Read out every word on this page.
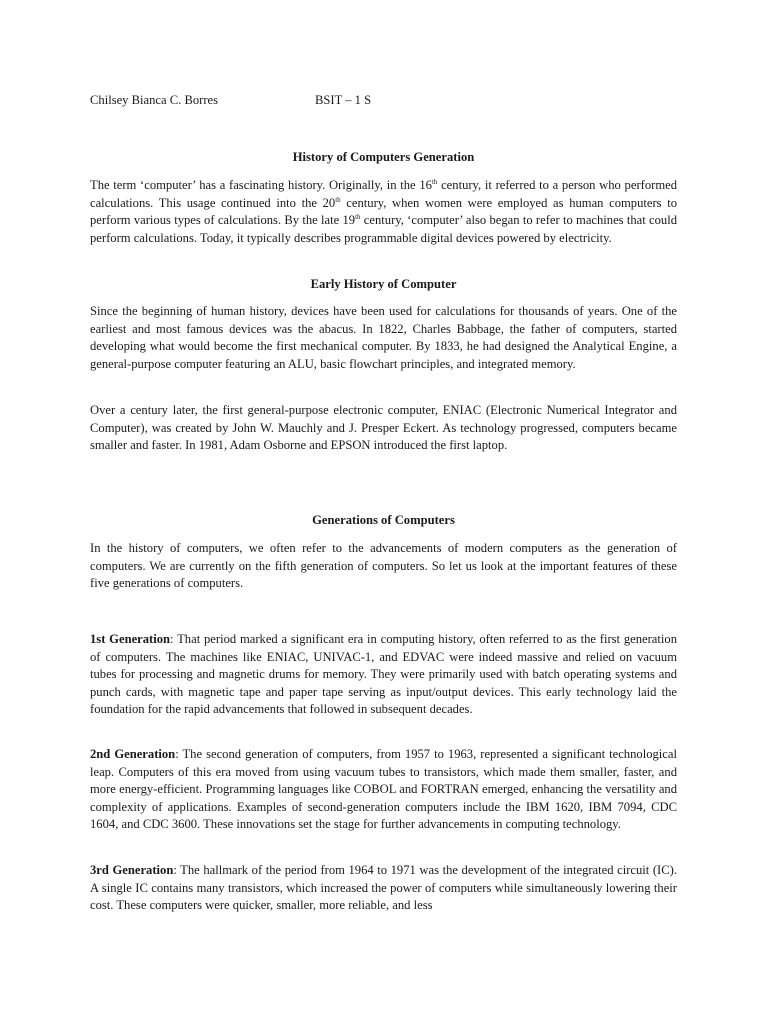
Chilsey Bianca C. Borres	BSIT – 1 S
History of Computers Generation

The term ‘computer’ has a fascinating history. Originally, in the 16th century, it referred to a person who performed calculations. This usage continued into the 20th century, when women were employed as human computers to perform various types of calculations. By the late 19th century, ‘computer’ also began to refer to machines that could perform calculations. Today, it typically describes programmable digital devices powered by electricity.

Early History of Computer

Since the beginning of human history, devices have been used for calculations for thousands of years. One of the earliest and most famous devices was the abacus. In 1822, Charles Babbage, the father of computers, started developing what would become the first mechanical computer. By 1833, he had designed the Analytical Engine, a general-purpose computer featuring an ALU, basic flowchart principles, and integrated memory.

Over a century later, the first general-purpose electronic computer, ENIAC (Electronic Numerical Integrator and Computer), was created by John W. Mauchly and J. Presper Eckert. As technology progressed, computers became smaller and faster. In 1981, Adam Osborne and EPSON introduced the first laptop.

Generations of Computers

In the history of computers, we often refer to the advancements of modern computers as the generation of computers. We are currently on the fifth generation of computers. So let us look at the important features of these five generations of computers.

1st Generation: That period marked a significant era in computing history, often referred to as the first generation of computers. The machines like ENIAC, UNIVAC-1, and EDVAC were indeed massive and relied on vacuum tubes for processing and magnetic drums for memory. They were primarily used with batch operating systems and punch cards, with magnetic tape and paper tape serving as input/output devices. This early technology laid the foundation for the rapid advancements that followed in subsequent decades.

2nd Generation: The second generation of computers, from 1957 to 1963, represented a significant technological leap. Computers of this era moved from using vacuum tubes to transistors, which made them smaller, faster, and more energy-efficient. Programming languages like COBOL and FORTRAN emerged, enhancing the versatility and complexity of applications. Examples of second-generation computers include the IBM 1620, IBM 7094, CDC 1604, and CDC 3600. These innovations set the stage for further advancements in computing technology.

3rd Generation: The hallmark of the period from 1964 to 1971 was the development of the integrated circuit (IC). A single IC contains many transistors, which increased the power of computers while simultaneously lowering their cost. These computers were quicker, smaller, more reliable, and less
